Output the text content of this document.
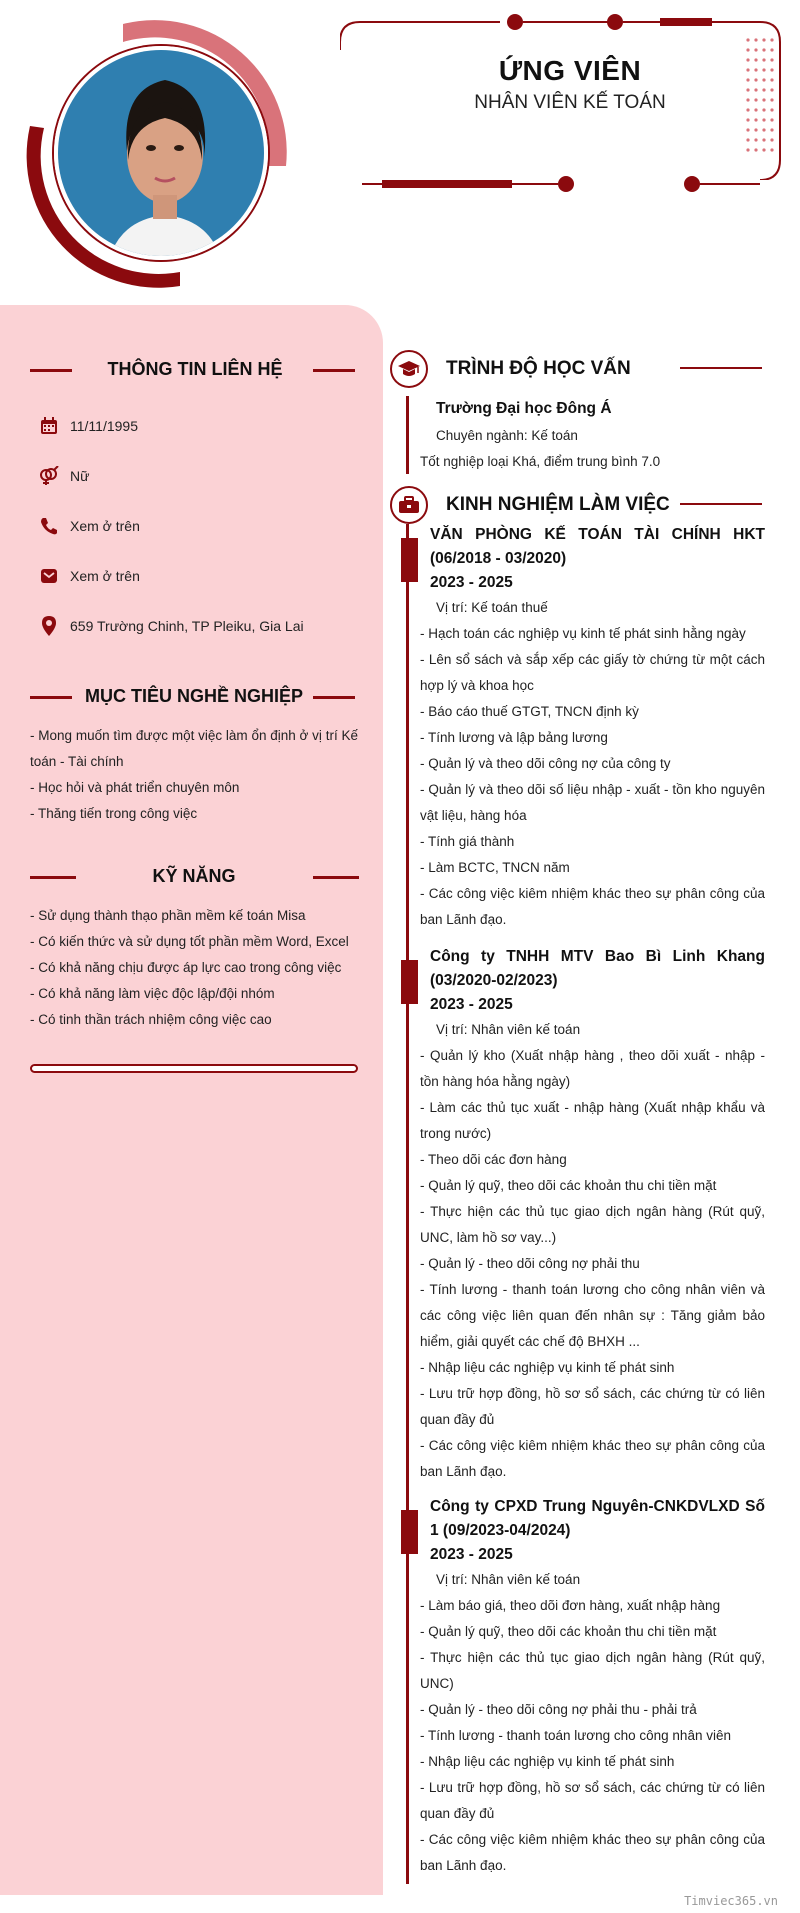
ỨNG VIÊN
NHÂN VIÊN KẾ TOÁN
THÔNG TIN LIÊN HỆ
11/11/1995
Nữ
Xem ở trên
Xem ở trên
659 Trường Chinh, TP Pleiku, Gia Lai
MỤC TIÊU NGHỀ NGHIỆP
- Mong muốn tìm được một việc làm ổn định ở vị trí Kế toán - Tài chính
- Học hỏi và phát triển chuyên môn
- Thăng tiến trong công việc
KỸ NĂNG
- Sử dụng thành thạo phần mềm kế toán Misa
- Có kiến thức và sử dụng tốt phần mềm Word, Excel
- Có khả năng chịu được áp lực cao trong công việc
- Có khả năng làm việc độc lập/đội nhóm
- Có tinh thần trách nhiệm công việc cao
TRÌNH ĐỘ HỌC VẤN
Trường Đại học Đông Á
Chuyên ngành: Kế toán
Tốt nghiệp loại Khá, điểm trung bình 7.0
KINH NGHIỆM LÀM VIỆC
VĂN PHÒNG KẾ TOÁN TÀI CHÍNH HKT (06/2018 - 03/2020)
2023 - 2025
Vị trí: Kế toán thuế
- Hạch toán các nghiệp vụ kinh tế phát sinh hằng ngày
- Lên sổ sách và sắp xếp các giấy tờ chứng từ một cách hợp lý và khoa học
- Báo cáo thuế GTGT, TNCN định kỳ
- Tính lương và lập bảng lương
- Quản lý và theo dõi công nợ của công ty
- Quản lý và theo dõi số liệu nhập - xuất - tồn kho nguyên vật liệu, hàng hóa
- Tính giá thành
- Làm BCTC, TNCN năm
- Các công việc kiêm nhiệm khác theo sự phân công của ban Lãnh đạo.
Công ty TNHH MTV Bao Bì Linh Khang (03/2020-02/2023)
2023 - 2025
Vị trí: Nhân viên kế toán
- Quản lý kho (Xuất nhập hàng , theo dõi xuất - nhập - tồn hàng hóa hằng ngày)
- Làm các thủ tục xuất - nhập hàng (Xuất nhập khẩu và trong nước)
- Theo dõi các đơn hàng
- Quản lý quỹ, theo dõi các khoản thu chi tiền mặt
- Thực hiện các thủ tục giao dịch ngân hàng (Rút quỹ, UNC, làm hồ sơ vay...)
- Quản lý - theo dõi công nợ phải thu
- Tính lương - thanh toán lương cho công nhân viên và các công việc liên quan đến nhân sự : Tăng giảm bảo hiểm, giải quyết các chế độ BHXH ...
- Nhập liệu các nghiệp vụ kinh tế phát sinh
- Lưu trữ hợp đồng, hồ sơ sổ sách, các chứng từ có liên quan đầy đủ
- Các công việc kiêm nhiệm khác theo sự phân công của ban Lãnh đạo.
Công ty CPXD Trung Nguyên-CNKDVLXD Số 1 (09/2023-04/2024)
2023 - 2025
Vị trí: Nhân viên kế toán
- Làm báo giá, theo dõi đơn hàng, xuất nhập hàng
- Quản lý quỹ, theo dõi các khoản thu chi tiền mặt
- Thực hiện các thủ tục giao dịch ngân hàng (Rút quỹ, UNC)
- Quản lý - theo dõi công nợ phải thu - phải trả
- Tính lương - thanh toán lương cho công nhân viên
- Nhập liệu các nghiệp vụ kinh tế phát sinh
- Lưu trữ hợp đồng, hồ sơ sổ sách, các chứng từ có liên quan đầy đủ
- Các công việc kiêm nhiệm khác theo sự phân công của ban Lãnh đạo.
Timviec365.vn
